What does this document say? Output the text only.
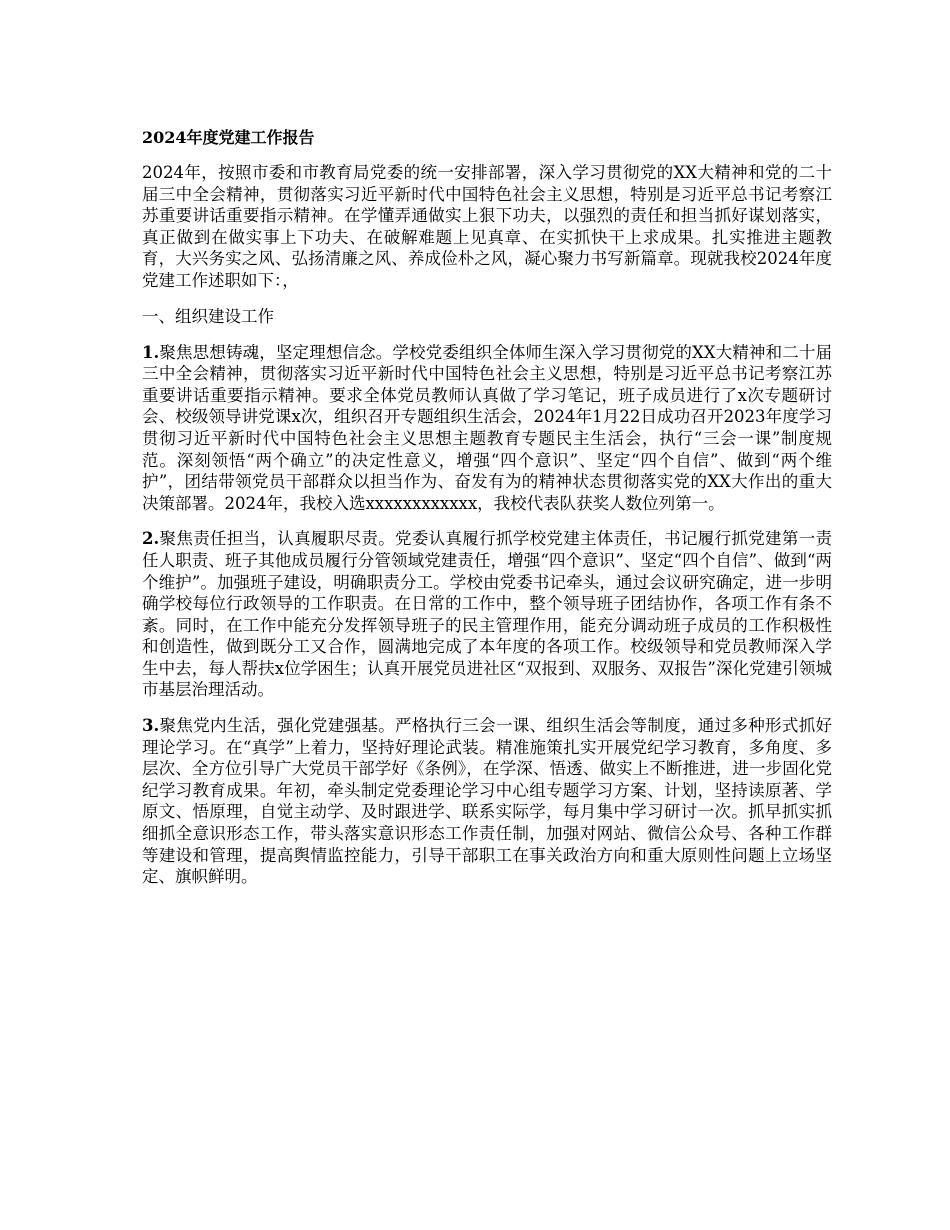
2024年度党建工作报告

2024年，按照市委和市教育局党委的统一安排部署，深入学习贯彻党的XX大精神和党的二十届三中全会精神，贯彻落实习近平新时代中国特色社会主义思想，特别是习近平总书记考察江苏重要讲话重要指示精神。在学懂弄通做实上狠下功夫，以强烈的责任和担当抓好谋划落实，真正做到在做实事上下功夫、在破解难题上见真章、在实抓快干上求成果。扎实推进主题教育，大兴务实之风、弘扬清廉之风、养成俭朴之风，凝心聚力书写新篇章。现就我校2024年度党建工作述职如下：，

一、组织建设工作

1.聚焦思想铸魂，坚定理想信念。学校党委组织全体师生深入学习贯彻党的XX大精神和二十届三中全会精神，贯彻落实习近平新时代中国特色社会主义思想，特别是习近平总书记考察江苏重要讲话重要指示精神。要求全体党员教师认真做了学习笔记，班子成员进行了x次专题研讨会、校级领导讲党课x次，组织召开专题组织生活会，2024年1月22日成功召开2023年度学习贯彻习近平新时代中国特色社会主义思想主题教育专题民主生活会，执行“三会一课”制度规范。深刻领悟“两个确立”的决定性意义，增强“四个意识”、坚定“四个自信”、做到“两个维护”，团结带领党员干部群众以担当作为、奋发有为的精神状态贯彻落实党的XX大作出的重大决策部署。2024年，我校入选xxxxxxxxxxxx，我校代表队获奖人数位列第一。

2.聚焦责任担当，认真履职尽责。党委认真履行抓学校党建主体责任，书记履行抓党建第一责任人职责、班子其他成员履行分管领域党建责任，增强“四个意识”、坚定“四个自信”、做到“两个维护”。加强班子建设，明确职责分工。学校由党委书记牵头，通过会议研究确定，进一步明确学校每位行政领导的工作职责。在日常的工作中，整个领导班子团结协作，各项工作有条不紊。同时，在工作中能充分发挥领导班子的民主管理作用，能充分调动班子成员的工作积极性和创造性，做到既分工又合作，圆满地完成了本年度的各项工作。校级领导和党员教师深入学生中去，每人帮扶x位学困生；认真开展党员进社区“双报到、双服务、双报告”深化党建引领城市基层治理活动。

3.聚焦党内生活，强化党建强基。严格执行三会一课、组织生活会等制度，通过多种形式抓好理论学习。在“真学”上着力，坚持好理论武装。精准施策扎实开展党纪学习教育，多角度、多层次、全方位引导广大党员干部学好《条例》，在学深、悟透、做实上不断推进，进一步固化党纪学习教育成果。年初，牵头制定党委理论学习中心组专题学习方案、计划，坚持读原著、学原文、悟原理，自觉主动学、及时跟进学、联系实际学，每月集中学习研讨一次。抓早抓实抓细抓全意识形态工作，带头落实意识形态工作责任制，加强对网站、微信公众号、各种工作群等建设和管理，提高舆情监控能力，引导干部职工在事关政治方向和重大原则性问题上立场坚定、旗帜鲜明。
